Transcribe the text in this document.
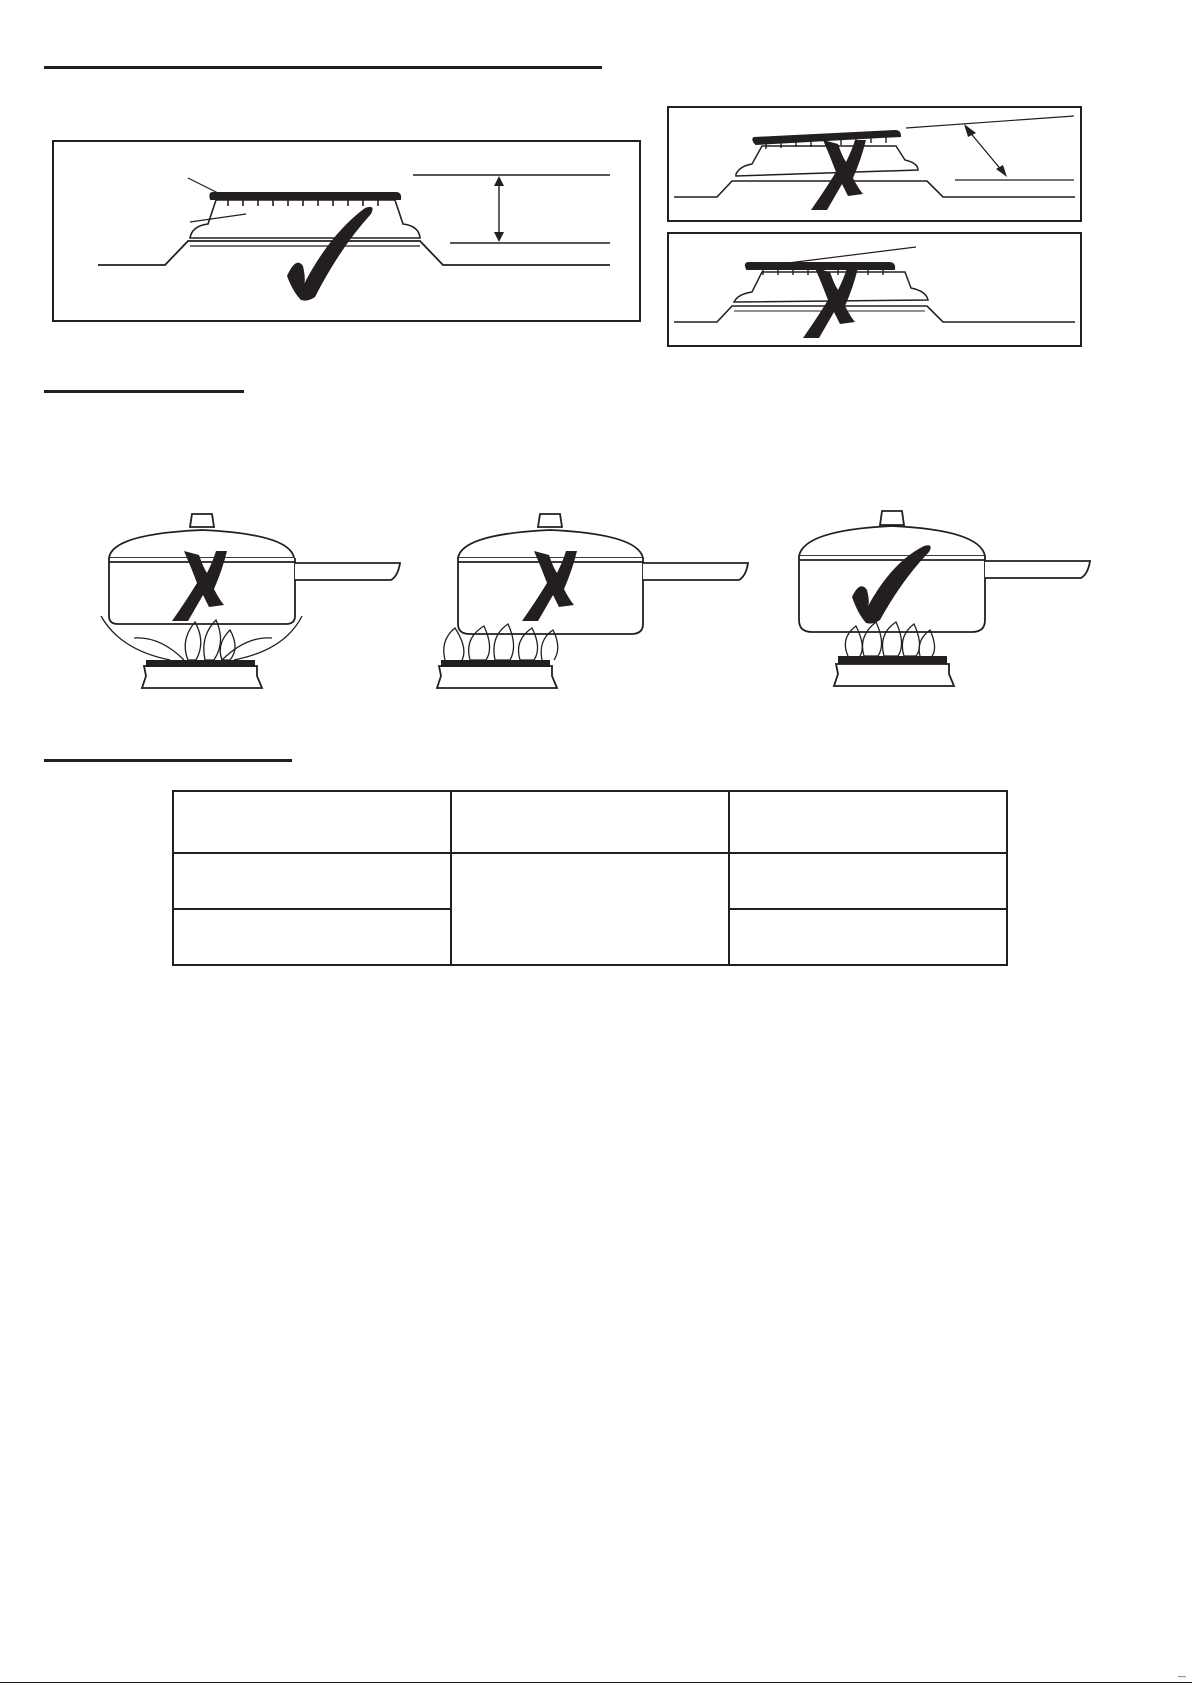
—
